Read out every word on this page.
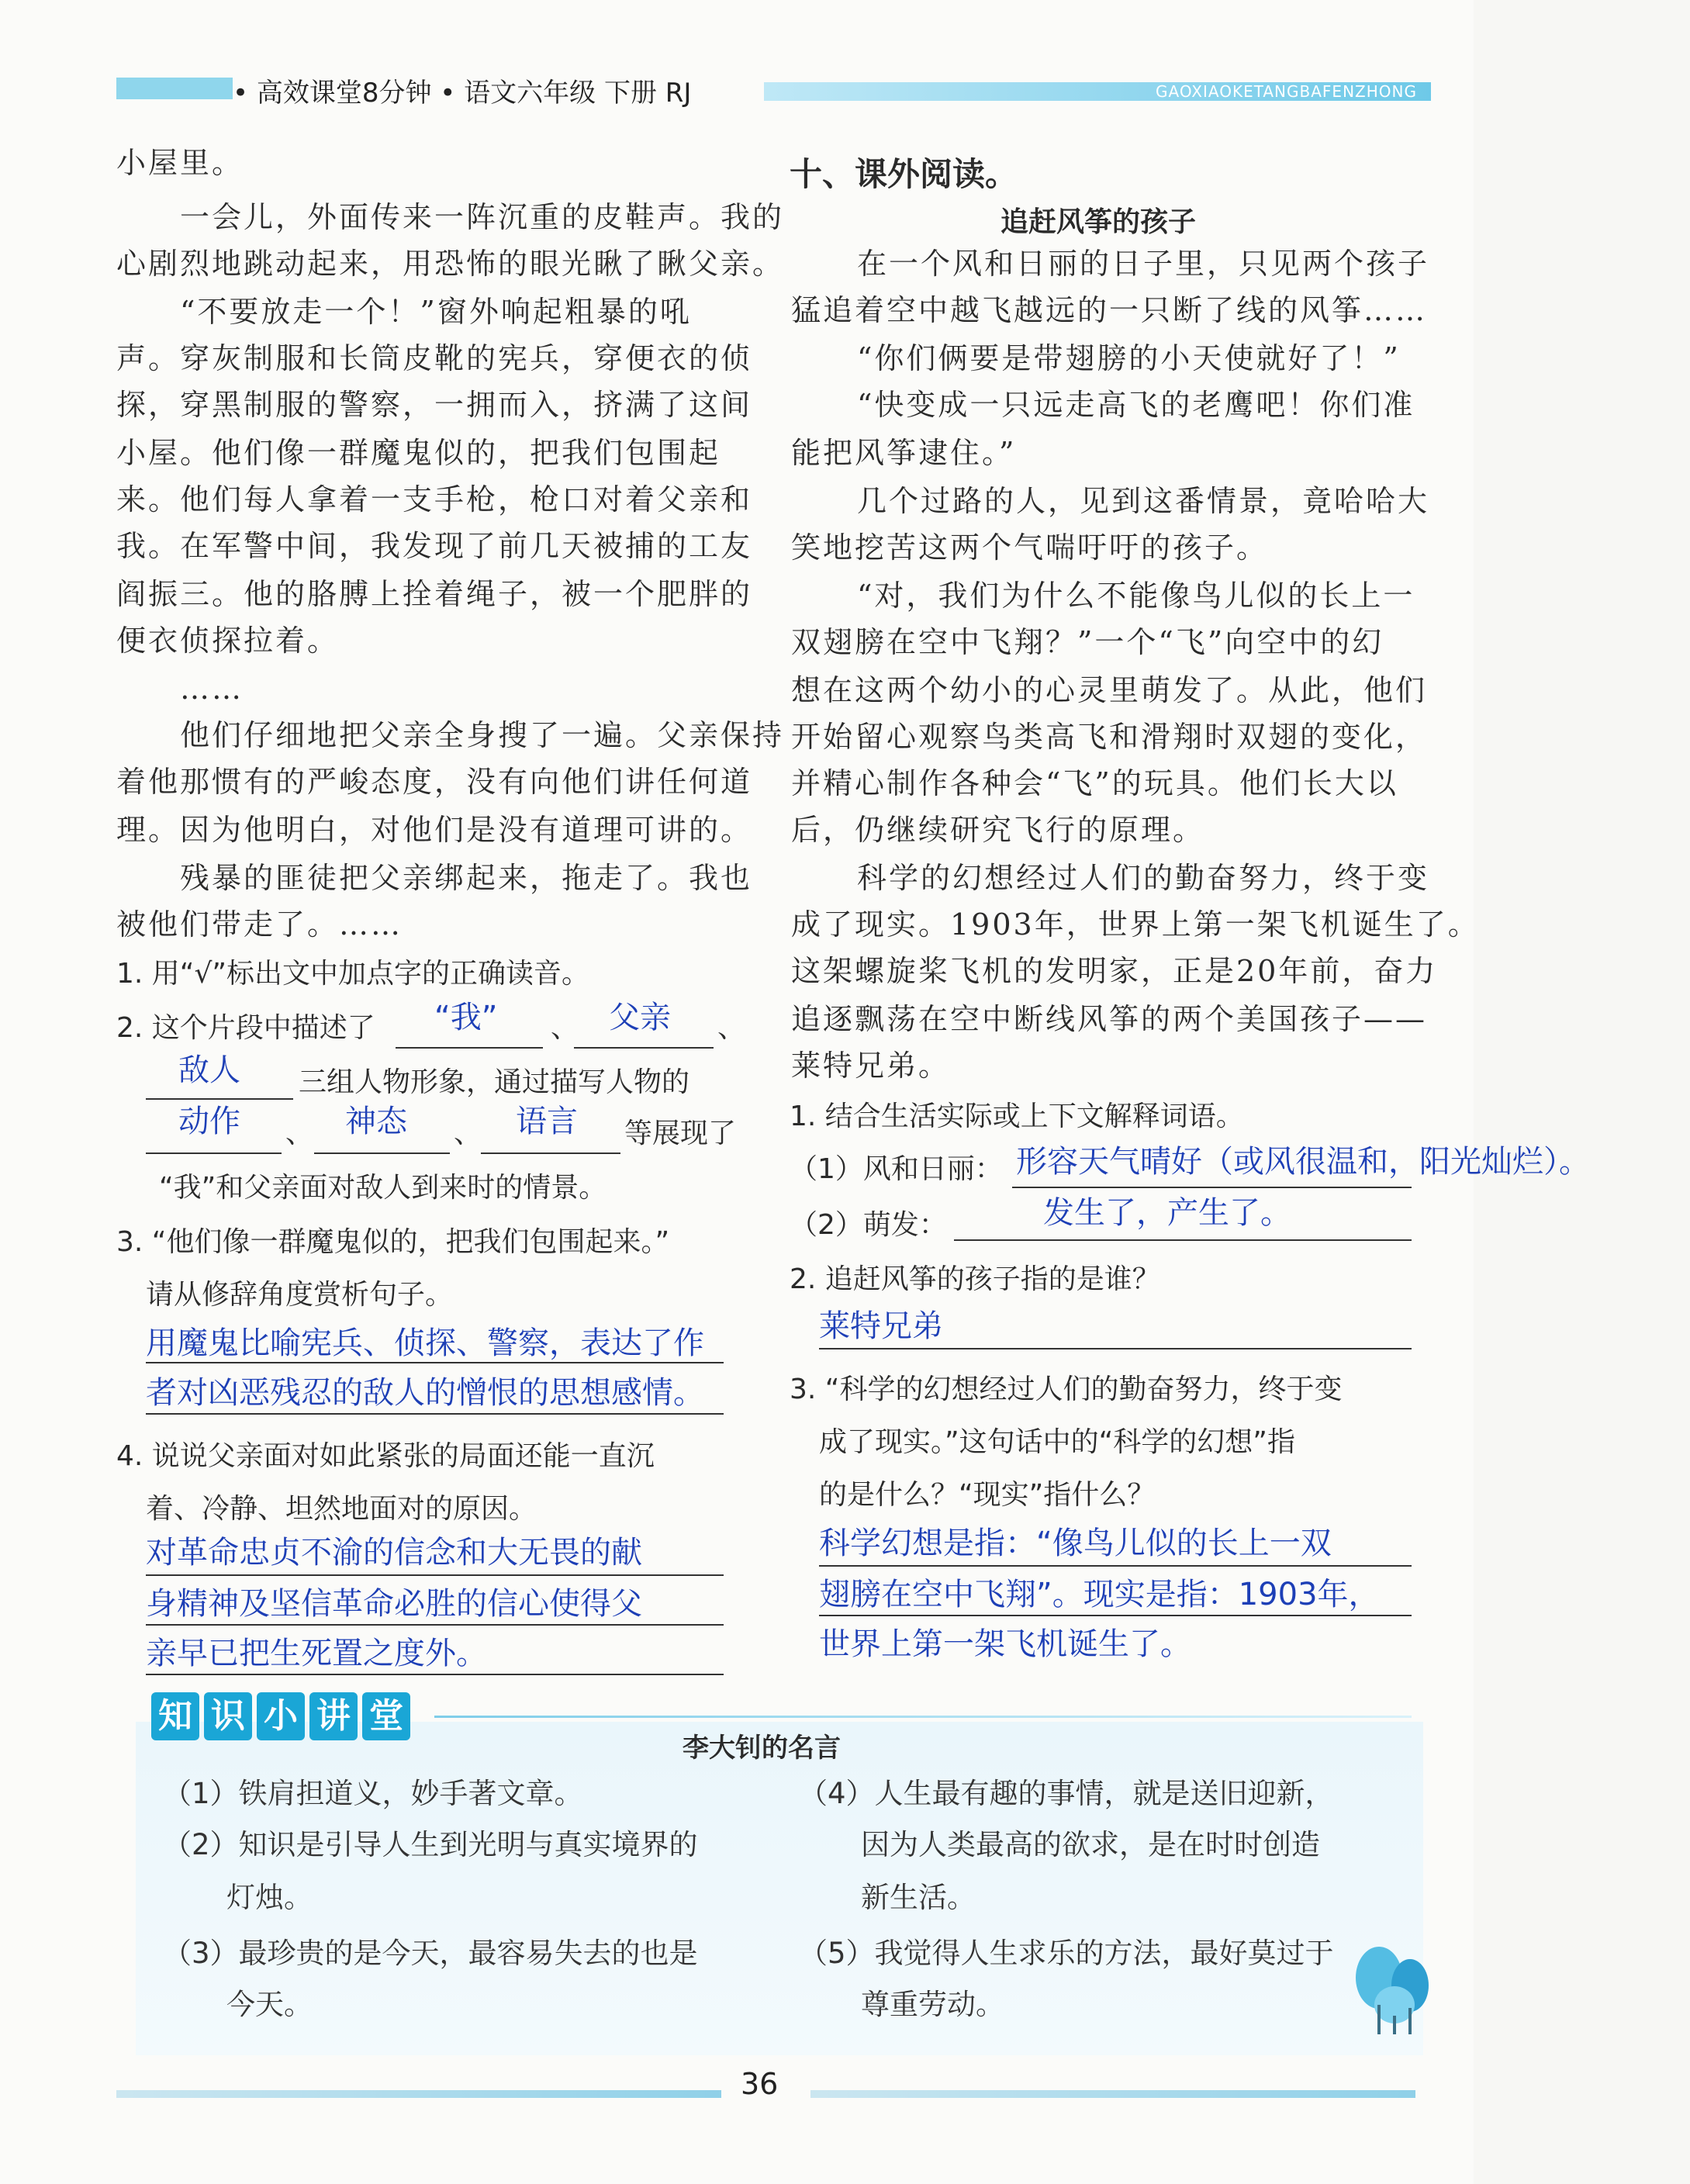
• 高效课堂8分钟 • 语文六年级 下册 RJ	GAOXIAOKETANGBAFENZHONG
小屋里。
一会儿，外面传来一阵沉重的皮鞋声。我的
心剧烈地跳动起来，用恐怖的眼光瞅了瞅父亲。
“不要放走一个！”窗外响起粗暴的吼
声。穿灰制服和长筒皮靴的宪兵，穿便衣的侦
探，穿黑制服的警察，一拥而入，挤满了这间
小屋。他们像一群魔鬼似的，把我们包围起
来。他们每人拿着一支手枪，枪口对着父亲和
我。在军警中间，我发现了前几天被捕的工友
阎振三。他的胳膊上拴着绳子，被一个肥胖的
便衣侦探拉着。
……
他们仔细地把父亲全身搜了一遍。父亲保持
着他那惯有的严峻态度，没有向他们讲任何道
理。因为他明白，对他们是没有道理可讲的。
残暴的匪徒把父亲绑起来，拖走了。我也
被他们带走了。……
1. 用“√”标出文中加点字的正确读音。
2. 这个片段中描述了 “我” 、 父亲 、
敌人 三组人物形象，通过描写人物的
动作 、 神态 、 语言 等展现了
“我”和父亲面对敌人到来时的情景。
3. “他们像一群魔鬼似的，把我们包围起来。”
请从修辞角度赏析句子。
用魔鬼比喻宪兵、侦探、警察，表达了作
者对凶恶残忍的敌人的憎恨的思想感情。
4. 说说父亲面对如此紧张的局面还能一直沉
着、冷静、坦然地面对的原因。
对革命忠贞不渝的信念和大无畏的献
身精神及坚信革命必胜的信心使得父
亲早已把生死置之度外。
十、课外阅读。
追赶风筝的孩子
在一个风和日丽的日子里，只见两个孩子
猛追着空中越飞越远的一只断了线的风筝……
“你们俩要是带翅膀的小天使就好了！”
“快变成一只远走高飞的老鹰吧！你们准
能把风筝逮住。”
几个过路的人，见到这番情景，竟哈哈大
笑地挖苦这两个气喘吁吁的孩子。
“对，我们为什么不能像鸟儿似的长上一
双翅膀在空中飞翔？”一个“飞”向空中的幻
想在这两个幼小的心灵里萌发了。从此，他们
开始留心观察鸟类高飞和滑翔时双翅的变化，
并精心制作各种会“飞”的玩具。他们长大以
后，仍继续研究飞行的原理。
科学的幻想经过人们的勤奋努力，终于变
成了现实。1903年，世界上第一架飞机诞生了。
这架螺旋桨飞机的发明家，正是20年前，奋力
追逐飘荡在空中断线风筝的两个美国孩子——
莱特兄弟。
1. 结合生活实际或上下文解释词语。
（1）风和日丽： 形容天气晴好（或风很温和，阳光灿烂）。
（2）萌发：	发生了，产生了。
2. 追赶风筝的孩子指的是谁？
莱特兄弟
3. “科学的幻想经过人们的勤奋努力，终于变
成了现实。”这句话中的“科学的幻想”指
的是什么？“现实”指什么？
科学幻想是指：“像鸟儿似的长上一双
翅膀在空中飞翔”。现实是指：1903年，
世界上第一架飞机诞生了。
知 识 小 讲 堂
李大钊的名言
（1）铁肩担道义，妙手著文章。
（2）知识是引导人生到光明与真实境界的
灯烛。
（3）最珍贵的是今天，最容易失去的也是
今天。
（4）人生最有趣的事情，就是送旧迎新，
因为人类最高的欲求，是在时时创造
新生活。
（5）我觉得人生求乐的方法，最好莫过于
尊重劳动。
36
